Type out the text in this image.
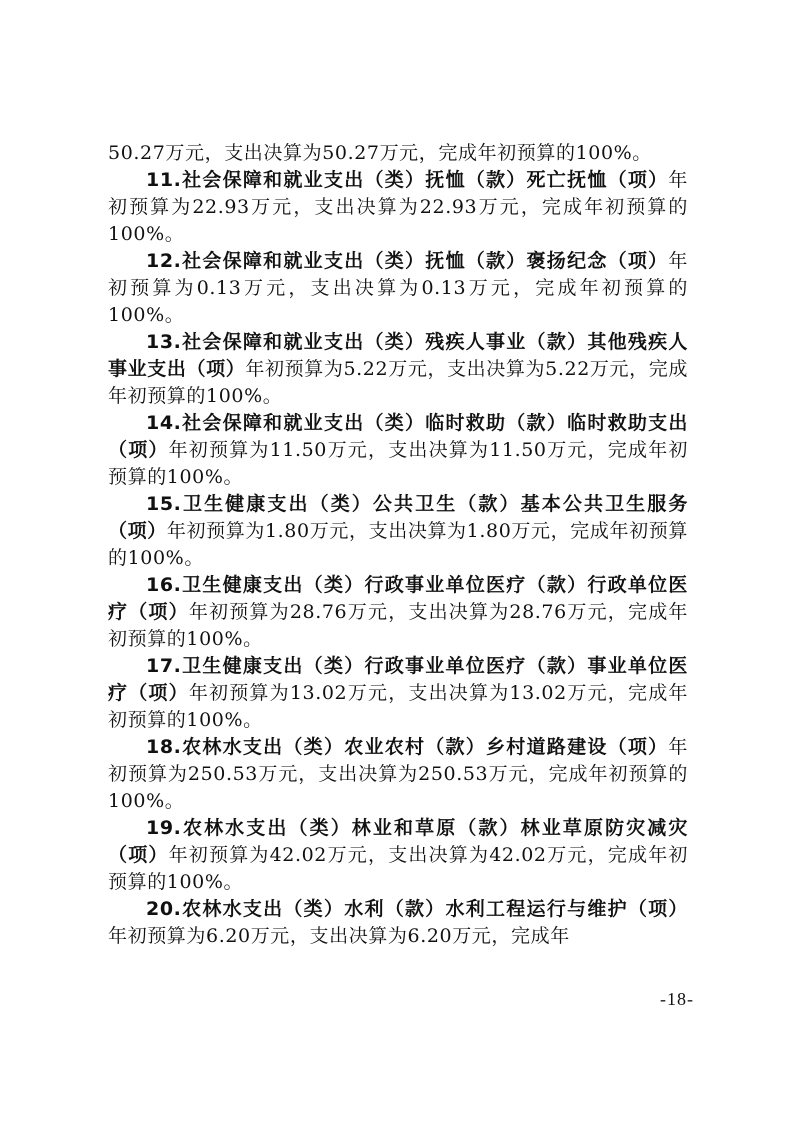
50.27万元，支出决算为50.27万元，完成年初预算的100%。

11.社会保障和就业支出（类）抚恤（款）死亡抚恤（项）年初预算为22.93万元，支出决算为22.93万元，完成年初预算的100%。

12.社会保障和就业支出（类）抚恤（款）褒扬纪念（项）年初预算为0.13万元，支出决算为0.13万元，完成年初预算的100%。

13.社会保障和就业支出（类）残疾人事业（款）其他残疾人事业支出（项）年初预算为5.22万元，支出决算为5.22万元，完成年初预算的100%。

14.社会保障和就业支出（类）临时救助（款）临时救助支出（项）年初预算为11.50万元，支出决算为11.50万元，完成年初预算的100%。

15.卫生健康支出（类）公共卫生（款）基本公共卫生服务（项）年初预算为1.80万元，支出决算为1.80万元，完成年初预算的100%。

16.卫生健康支出（类）行政事业单位医疗（款）行政单位医疗（项）年初预算为28.76万元，支出决算为28.76万元，完成年初预算的100%。

17.卫生健康支出（类）行政事业单位医疗（款）事业单位医疗（项）年初预算为13.02万元，支出决算为13.02万元，完成年初预算的100%。

18.农林水支出（类）农业农村（款）乡村道路建设（项）年初预算为250.53万元，支出决算为250.53万元，完成年初预算的100%。

19.农林水支出（类）林业和草原（款）林业草原防灾减灾（项）年初预算为42.02万元，支出决算为42.02万元，完成年初预算的100%。

20.农林水支出（类）水利（款）水利工程运行与维护（项）年初预算为6.20万元，支出决算为6.20万元，完成年

-18-
